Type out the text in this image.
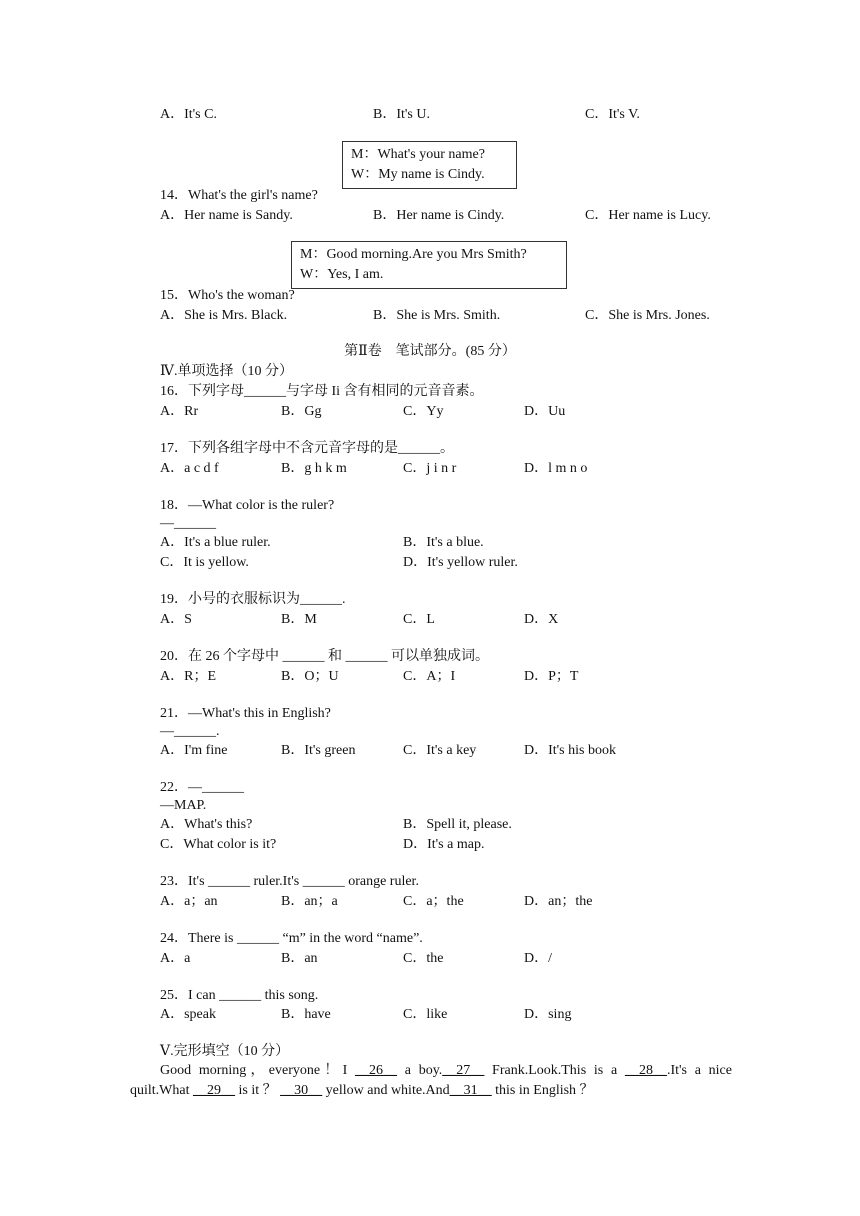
A．It's C.	B．It's U.	C．It's V.
M：What's your name?
W：My name is Cindy.
14．What's the girl's name?
A．Her name is Sandy.	B．Her name is Cindy.	C．Her name is Lucy.
M：Good morning.Are you Mrs Smith?
W：Yes, I am.
15．Who's the woman?
A．She is Mrs. Black.	B．She is Mrs. Smith.	C．She is Mrs. Jones.
第Ⅱ卷　笔试部分。(85 分）
Ⅳ.单项选择（10 分）
16．下列字母______与字母 Ii 含有相同的元音音素。
A．Rr	B．Gg	C．Yy	D．Uu
17．下列各组字母中不含元音字母的是______。
A．a c d f	B．g h k m	C．j i n r	D．l m n o
18．—What color is the ruler?
—______
A．It's a blue ruler.	B．It's a blue.
C．It is yellow.	D．It's yellow ruler.
19．小号的衣服标识为______.
A．S	B．M	C．L	D．X
20．在 26 个字母中 ______ 和 ______ 可以单独成词。
A．R；E	B．O；U	C．A；I	D．P；T
21．—What's this in English?
—______.
A．I'm fine	B．It's green	C．It's a key	D．It's his book
22．—______
—MAP.
A．What's this?	B．Spell it, please.
C．What color is it?	D．It's a map.
23．It's ______ ruler.It's ______ orange ruler.
A．a；an	B．an；a	C．a；the	D．an；the
24．There is ______ “m” in the word “name”.
A．a	B．an	C．the	D．/
25．I can ______ this song.
A．speak	B．have	C．like	D．sing
Ⅴ.完形填空（10 分）
Good morning，everyone！I __26__ a boy.__27__ Frank.Look.This is a __28__.It's a nice quilt.What __29__ is it ？ __30__ yellow and white.And__31__ this in English ？
